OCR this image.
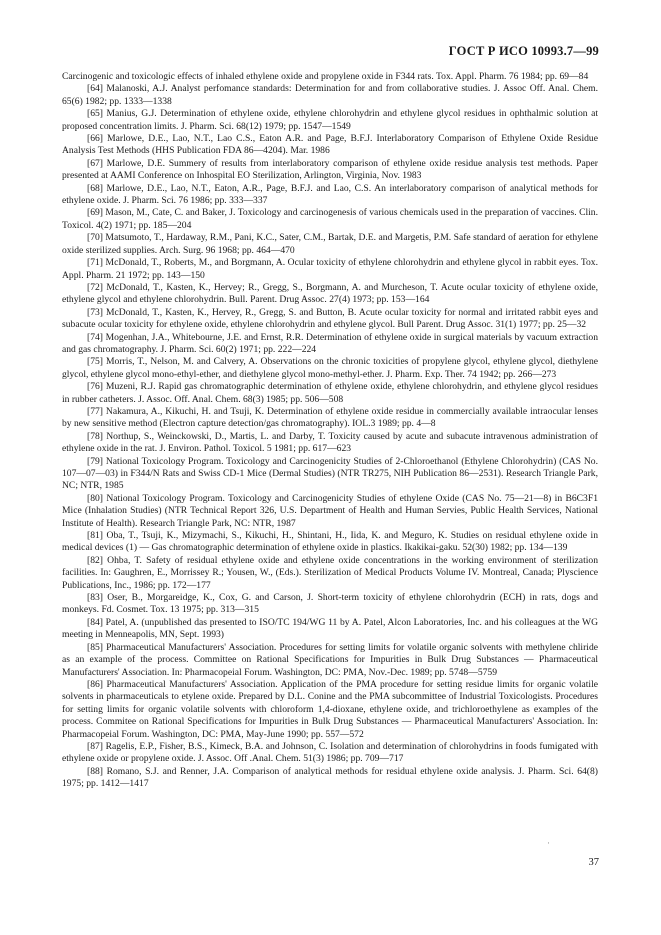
ГОСТ Р ИСО 10993.7—99

Carcinogenic and toxicologic effects of inhaled ethylene oxide and propylene oxide in F344 rats. Tox. Appl. Pharm. 76 1984; pp. 69—84

[64] Malanoski, A.J. Analyst perfomance standards: Determination for and from collaborative studies. J. Assoc Off. Anal. Chem. 65(6) 1982; pp. 1333—1338

[65] Manius, G.J. Determination of ethylene oxide, ethylene chlorohydrin and ethylene glycol residues in ophthalmic solution at proposed concentration limits. J. Pharm. Sci. 68(12) 1979; pp. 1547—1549

[66] Marlowe, D.E., Lao, N.T., Lao C.S., Eaton A.R. and Page, B.F.J. Interlaboratory Comparison of Ethylene Oxide Residue Analysis Test Methods (HHS Publication FDA 86—4204). Mar. 1986

[67] Marlowe, D.E. Summery of results from interlaboratory comparison of ethylene oxide residue analysis test methods. Paper presented at AAMI Conference on Inhospital EO Sterilization, Arlington, Virginia, Nov. 1983

[68] Marlowe, D.E., Lao, N.T., Eaton, A.R., Page, B.F.J. and Lao, C.S. An interlaboratory comparison of analytical methods for ethylene oxide. J. Pharm. Sci. 76 1986; pp. 333—337

[69] Mason, M., Cate, C. and Baker, J. Toxicology and carcinogenesis of various chemicals used in the preparation of vaccines. Clin. Toxicol. 4(2) 1971; pp. 185—204

[70] Matsumoto, T., Hardaway, R.M., Pani, K.C., Sater, C.M., Bartak, D.E. and Margetis, P.M. Safe standard of aeration for ethylene oxide sterilized supplies. Arch. Surg. 96 1968; pp. 464—470

[71] McDonald, T., Roberts, M., and Borgmann, A. Ocular toxicity of ethylene chlorohydrin and ethylene glycol in rabbit eyes. Tox. Appl. Pharm. 21 1972; pp. 143—150

[72] McDonald, T., Kasten, K., Hervey; R., Gregg, S., Borgmann, A. and Murcheson, T. Acute ocular toxicity of ethylene oxide, ethylene glycol and ethylene chlorohydrin. Bull. Parent. Drug Assoc. 27(4) 1973; pp. 153—164

[73] McDonald, T., Kasten, K., Hervey, R., Gregg, S. and Button, B. Acute ocular toxicity for normal and irritated rabbit eyes and subacute ocular toxicity for ethylene oxide, ethylene chlorohydrin and ethylene glycol. Bull Parent. Drug Assoc. 31(1) 1977; pp. 25—32

[74] Mogenhan, J.A., Whitebourne, J.E. and Ernst, R.R. Determination of ethylene oxide in surgical materials by vacuum extraction and gas chromatography. J. Pharm. Sci. 60(2) 1971; pp. 222—224

[75] Morris, T., Nelson, M. and Calvery, A. Observations on the chronic toxicities of propylene glycol, ethylene glycol, diethylene glycol, ethylene glycol mono-ethyl-ether, and diethylene glycol mono-methyl-ether. J. Pharm. Exp. Ther. 74 1942; pp. 266—273

[76] Muzeni, R.J. Rapid gas chromatographic determination of ethylene oxide, ethylene chlorohydrin, and ethylene glycol residues in rubber catheters. J. Assoc. Off. Anal. Chem. 68(3) 1985; pp. 506—508

[77] Nakamura, A., Kikuchi, H. and Tsuji, K. Determination of ethylene oxide residue in commercially available intraocular lenses by new sensitive method (Electron capture detection/gas chromatography). IOL.3 1989; pp. 4—8

[78] Northup, S., Weinckowski, D., Martis, L. and Darby, T. Toxicity caused by acute and subacute intravenous administration of ethylene oxide in the rat. J. Environ. Pathol. Toxicol. 5 1981; pp. 617—623

[79] National Toxicology Program. Toxicology and Carcinogenicity Studies of 2-Chloroethanol (Ethylene Chlorohydrin) (CAS No. 107—07—03) in F344/N Rats and Swiss CD-1 Mice (Dermal Studies) (NTR TR275, NIH Publication 86—2531). Research Triangle Park, NC; NTR, 1985

[80] National Toxicology Program. Toxicology and Carcinogenicity Studies of ethylene Oxide (CAS No. 75—21—8) in B6C3F1 Mice (Inhalation Studies) (NTR Technical Report 326, U.S. Department of Health and Human Servies, Public Health Services, National Institute of Health). Research Triangle Park, NC: NTR, 1987

[81] Oba, T., Tsuji, K., Mizymachi, S., Kikuchi, H., Shintani, H., Iida, K. and Meguro, K. Studies on residual ethylene oxide in medical devices (1) — Gas chromatographic determination of ethylene oxide in plastics. Ikakikai-gaku. 52(30) 1982; pp. 134—139

[82] Ohba, T. Safety of residual ethylene oxide and ethylene oxide concentrations in the working environment of sterilization facilities. In: Gaughren, E., Morrissey R.; Yousen, W., (Eds.). Sterilization of Medical Products Volume IV. Montreal, Canada; Plyscience Publications, Inc., 1986; pp. 172—177

[83] Oser, B., Morgareidge, K., Cox, G. and Carson, J. Short-term toxicity of ethylene chlorohydrin (ECH) in rats, dogs and monkeys. Fd. Cosmet. Tox. 13 1975; pp. 313—315

[84] Patel, A. (unpublished das presented to ISO/TC 194/WG 11 by A. Patel, Alcon Laboratories, Inc. and his colleagues at the WG meeting in Menneapolis, MN, Sept. 1993)

[85] Pharmaceutical Manufacturers' Association. Procedures for setting limits for volatile organic solvents with methylene chliride as an example of the process. Committee on Rational Specifications for Impurities in Bulk Drug Substances — Pharmaceutical Manufacturers' Association. In: Pharmacopeial Forum. Washington, DC: PMA, Nov.-Dec. 1989; pp. 5748—5759

[86] Pharmaceutical Manufacturers' Association. Application of the PMA procedure for setting residue limits for organic volatile solvents in pharmaceuticals to etylene oxide. Prepared by D.L. Conine and the PMA subcommittee of Industrial Toxicologists. Procedures for setting limits for organic volatile solvents with chloroform 1,4-dioxane, ethylene oxide, and trichloroethylene as examples of the process. Commitee on Rational Specifications for Impurities in Bulk Drug Substances — Pharmaceutical Manufacturers' Association. In: Pharmacopeial Forum. Washington, DC: PMA, May-June 1990; pp. 557—572

[87] Ragelis, E.P., Fisher, B.S., Kimeck, B.A. and Johnson, C. Isolation and determination of chlorohydrins in foods fumigated with ethylene oxide or propylene oxide. J. Assoc. Off .Anal. Chem. 51(3) 1986; pp. 709—717

[88] Romano, S.J. and Renner, J.A. Comparison of analytical methods for residual ethylene oxide analysis. J. Pharm. Sci. 64(8) 1975; pp. 1412—1417

·
37
